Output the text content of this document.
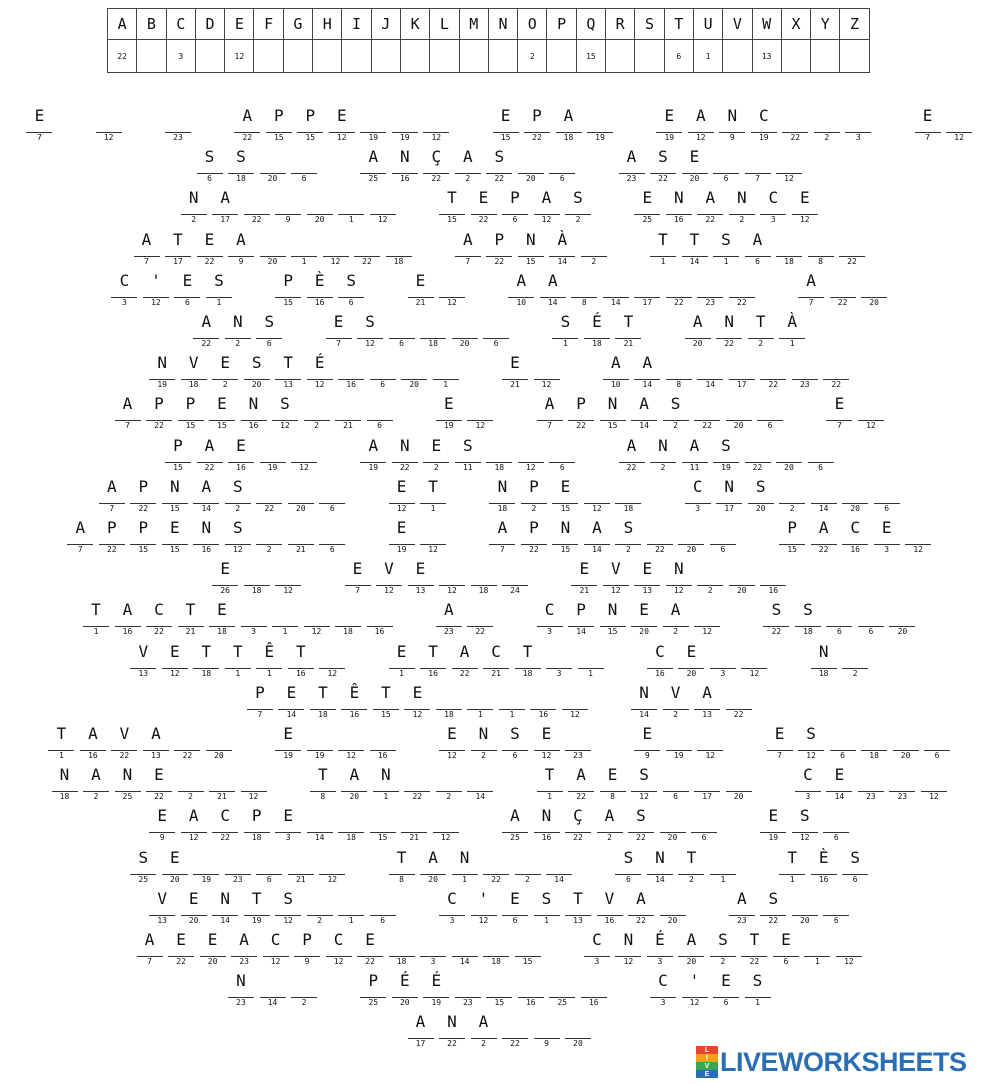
A	B	C	D	E	F	G	H	I	J	K	L	M	N	O	P	Q	R	S	T	U	V	W	X	Y	Z
22		3		12										2		15			6	1		13			
E
7	12	23
A
22
P
15
P
15
E
12	19	19	12
E
15
P
22
A
18	19
E
19
A
12
N
9
C
19	22	2	3
E
7	12
S
6
S
18	20	6
A
25
N
16
Ç
22
A
2
S
22	20	6
A
23
S
22
E
20	6	7	12
N
2
A
17	22	9	20	1	12
T
15
E
22
P
6
A
12
S
2
E
25
N
16
A
22
N
2
C
3
E
12
A
7
T
17
E
22
A
9	20	1	12	22	18
A
7
P
22
N
15
À
14	2
T
1
T
14
S
1
A
6	18	8	22
C
3
'
12
E
6
S
1
P
15
È
16
S
6
E
21	12
A
10
A
14	8	14	17	22	23	22
A
7	22	20
A
22
N
2
S
6
E
7
S
12	6	18	20	6
S
1
É
18
T
21
A
20
N
22
T
2
À
1
N
19
V
18
E
2
S
20
T
13
É
12	16	6	20	1
E
21	12
A
10
A
14	8	14	17	22	23	22
A
7
P
22
P
15
E
15
N
16
S
12	2	21	6
E
19	12
A
7
P
22
N
15
A
14
S
2	22	20	6
E
7	12
P
15
A
22
E
16	19	12
A
19
N
22
E
2
S
11	18	12	6
A
22
N
2
A
11
S
19	22	20	6
A
7
P
22
N
15
A
14
S
2	22	20	6
E
12
T
1
N
18
P
2
E
15	12	18
C
3
N
17
S
20	2	14	20	6
A
7
P
22
P
15
E
15
N
16
S
12	2	21	6
E
19	12
A
7
P
22
N
15
A
14
S
2	22	20	6
P
15
A
22
C
16
E
3	12
E
26	18	12
E
7
V
12
E
13	12	18	24
E
21
V
12
E
13
N
12	2	20	16
T
1
A
16
C
22
T
21
E
18	3	1	12	18	16
A
23	22
C
3
P
14
N
15
E
20
A
2	12
S
22
S
18	6	6	20
V
13
E
12
T
18
T
1
Ê
1
T
16	12
E
1
T
16
A
22
C
21
T
18	3	1
C
16
E
20	3	12
N
18	2
P
7
E
14
T
18
Ê
16
T
15
E
12	18	1	1	16	12
N
14
V
2
A
13	22
T
1
A
16
V
22
A
13	22	20
E
19	19	12	16
E
12
N
2
S
6
E
12	23
E
9	19	12
E
7
S
12	6	18	20	6
N
18
A
2
N
25
E
22	2	21	12
T
8
A
20
N
1	22	2	14
T
1
A
22
E
8
S
12	6	17	20
C
3
E
14	23	23	12
E
9
A
12
C
22
P
18
E
3	14	18	15	21	12
A
25
N
16
Ç
22
A
2
S
22	20	6
E
19
S
12	6
S
25
E
20	19	23	6	21	12
T
8
A
20
N
1	22	2	14
S
6
N
14
T
2	1
T
1
È
16
S
6
V
13
E
20
N
14
T
19
S
12	2	1	6
C
3
'
12
E
6
S
1
T
13
V
16
A
22	20
A
23
S
22	20	6
A
7
E
22
E
20
A
23
C
12
P
9
C
12
E
22	18	3	14	18	15
C
3
N
12
É
3
A
20
S
2
T
22
E
6	1	12
N
23	14	2
P
25
É
20
É
19	23	15	16	25	16
C
3
'
12
E
6
S
1
A
17
N
22
A
2	22	9	20
L
I
V
E LIVEWORKSHEETS
